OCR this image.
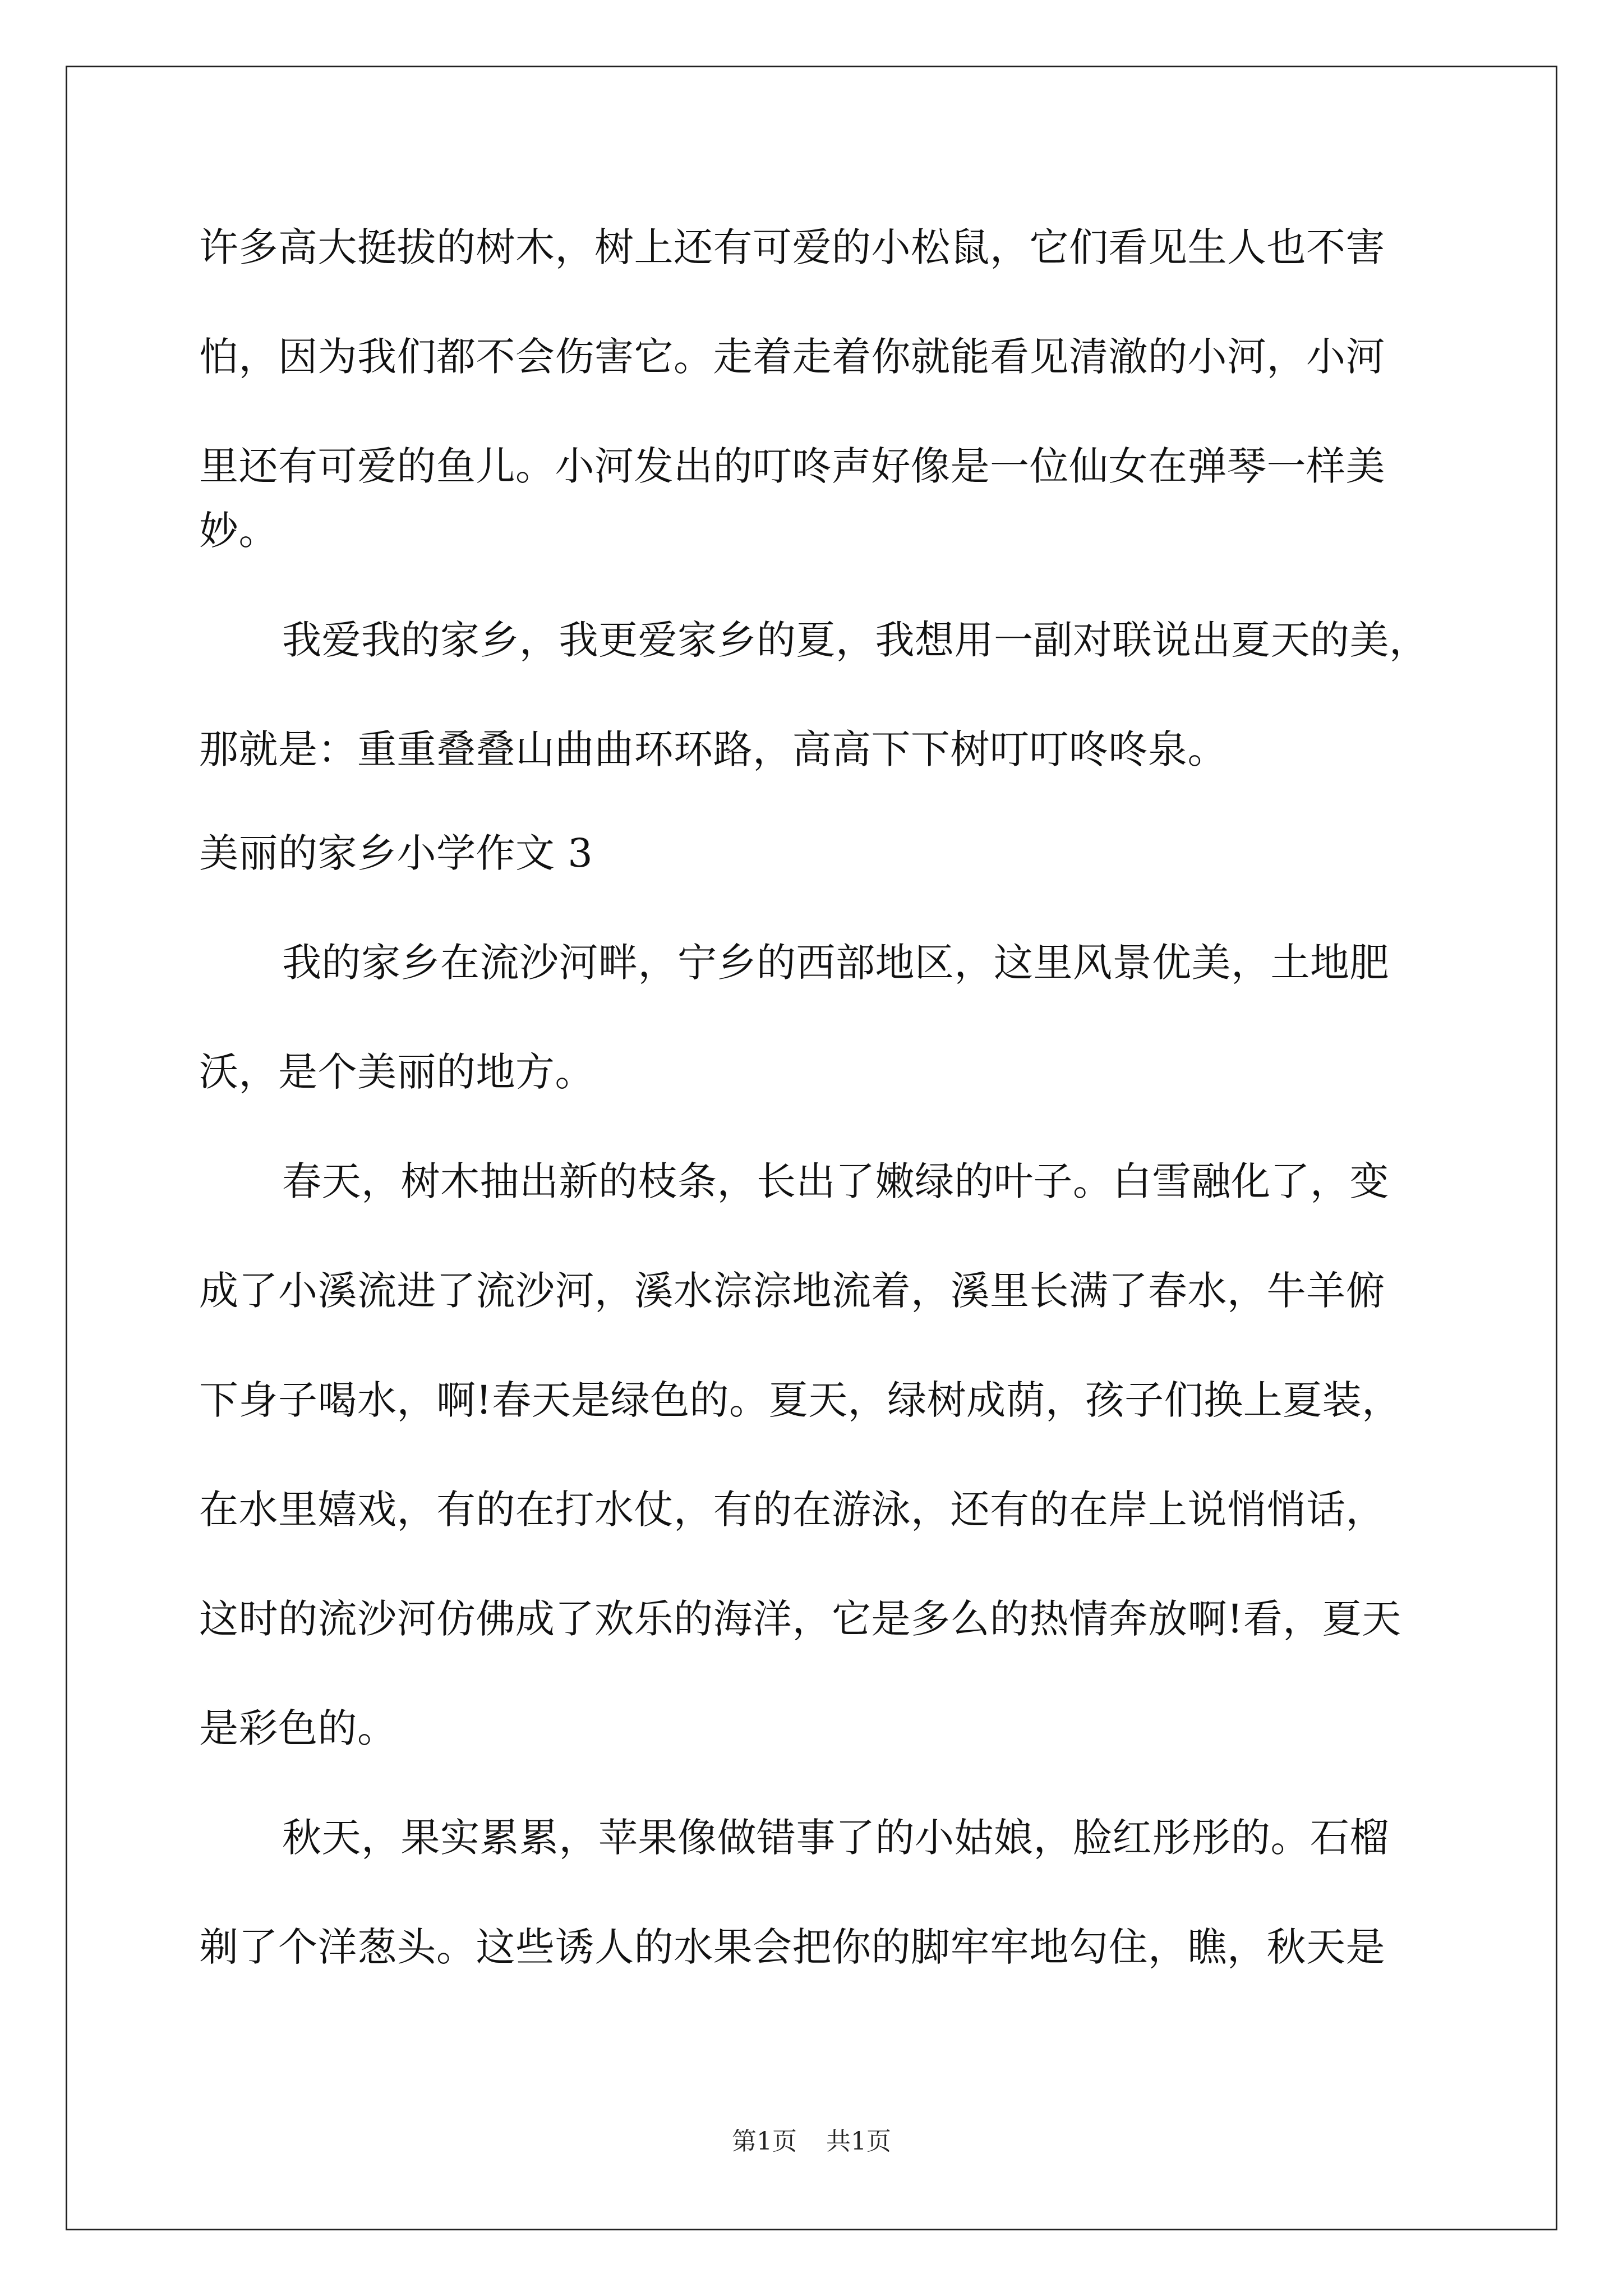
许多高大挺拔的树木，树上还有可爱的小松鼠，它们看见生人也不害
怕，因为我们都不会伤害它。走着走着你就能看见清澈的小河，小河
里还有可爱的鱼儿。小河发出的叮咚声好像是一位仙女在弹琴一样美
妙。
我爱我的家乡，我更爱家乡的夏，我想用一副对联说出夏天的美，
那就是：重重叠叠山曲曲环环路，高高下下树叮叮咚咚泉。
美丽的家乡小学作文 3
我的家乡在流沙河畔，宁乡的西部地区，这里风景优美，土地肥
沃，是个美丽的地方。
春天，树木抽出新的枝条，长出了嫩绿的叶子。白雪融化了，变
成了小溪流进了流沙河，溪水淙淙地流着，溪里长满了春水，牛羊俯
下身子喝水，啊!春天是绿色的。夏天，绿树成荫，孩子们换上夏装，
在水里嬉戏，有的在打水仗，有的在游泳，还有的在岸上说悄悄话，
这时的流沙河仿佛成了欢乐的海洋，它是多么的热情奔放啊!看，夏天
是彩色的。
秋天，果实累累，苹果像做错事了的小姑娘，脸红彤彤的。石榴
剃了个洋葱头。这些诱人的水果会把你的脚牢牢地勾住，瞧，秋天是
第1页 共1页
